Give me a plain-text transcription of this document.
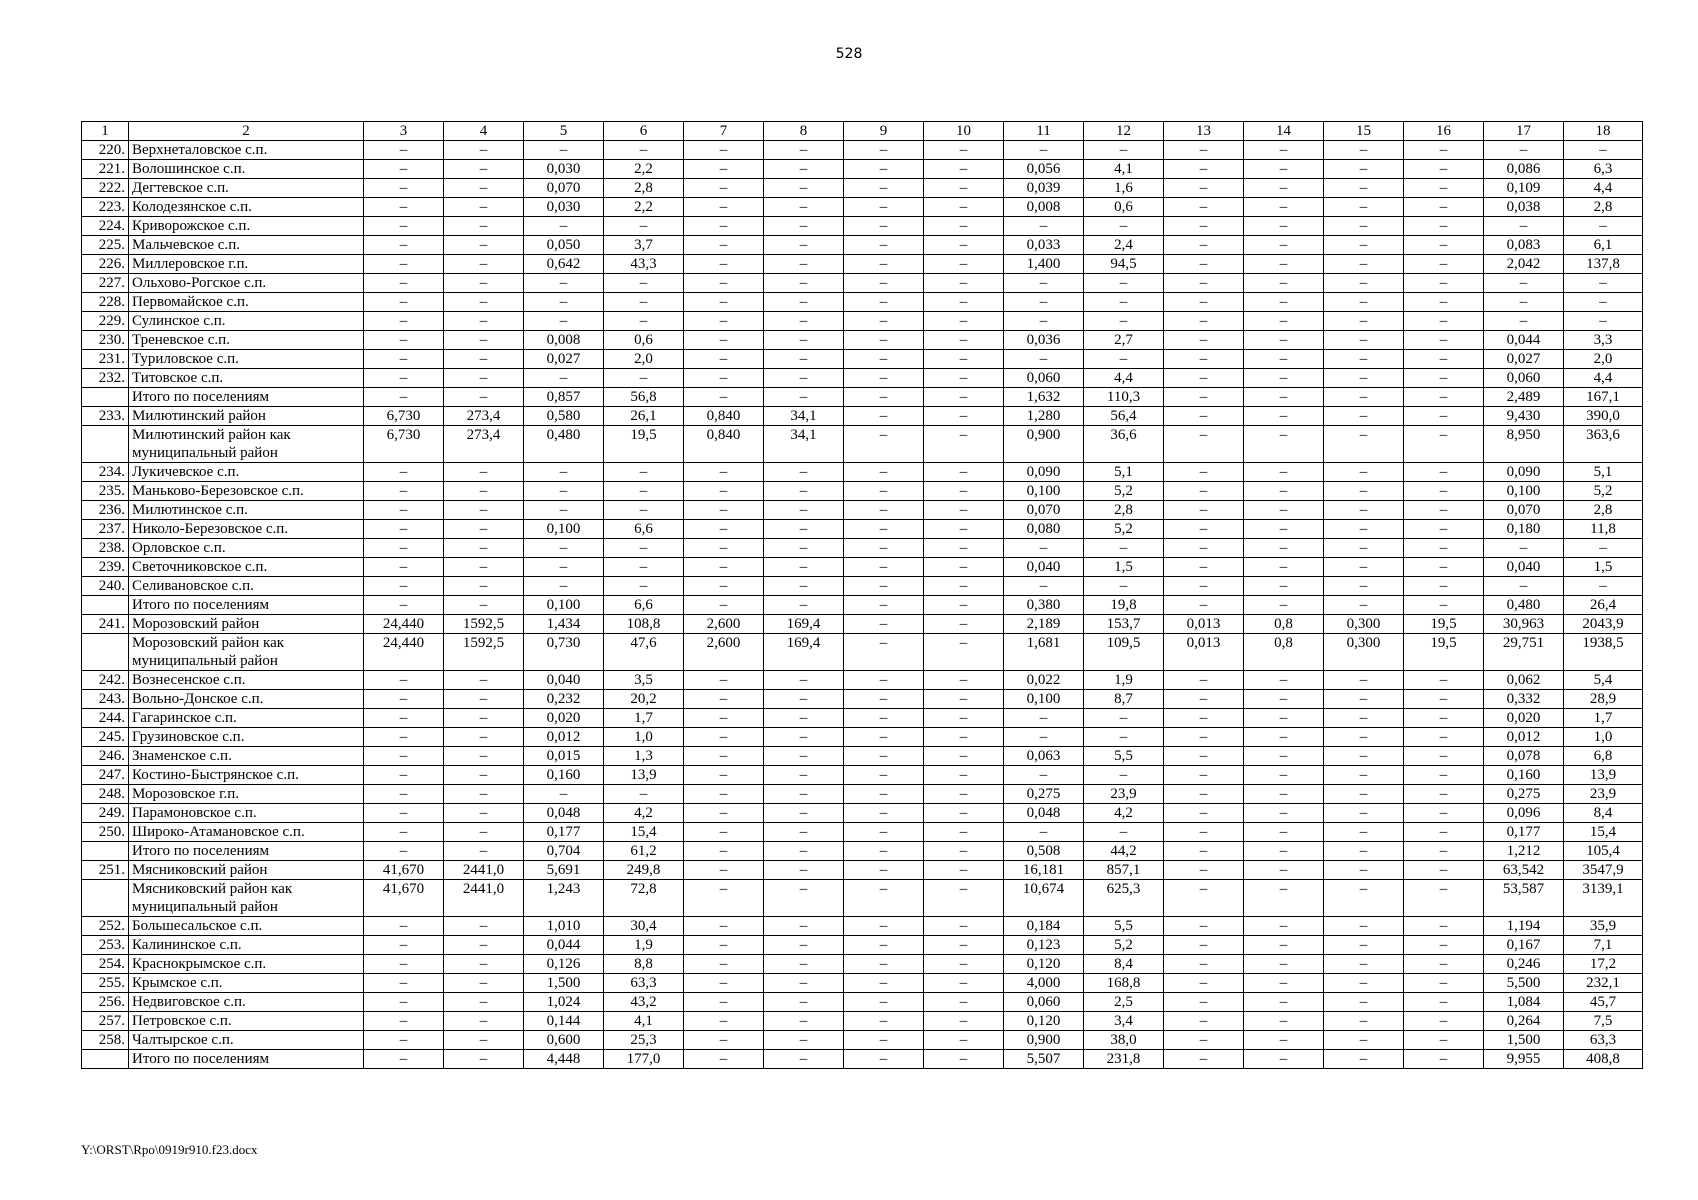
528
1	2	3	4	5	6	7	8	9	10	11	12	13	14	15	16	17	18
220.	Верхнеталовское с.п.	–	–	–	–	–	–	–	–	–	–	–	–	–	–	–	–
221.	Волошинское с.п.	–	–	0,030	2,2	–	–	–	–	0,056	4,1	–	–	–	–	0,086	6,3
222.	Дегтевское с.п.	–	–	0,070	2,8	–	–	–	–	0,039	1,6	–	–	–	–	0,109	4,4
223.	Колодезянское с.п.	–	–	0,030	2,2	–	–	–	–	0,008	0,6	–	–	–	–	0,038	2,8
224.	Криворожское с.п.	–	–	–	–	–	–	–	–	–	–	–	–	–	–	–	–
225.	Мальчевское с.п.	–	–	0,050	3,7	–	–	–	–	0,033	2,4	–	–	–	–	0,083	6,1
226.	Миллеровское г.п.	–	–	0,642	43,3	–	–	–	–	1,400	94,5	–	–	–	–	2,042	137,8
227.	Ольхово-Рогское с.п.	–	–	–	–	–	–	–	–	–	–	–	–	–	–	–	–
228.	Первомайское с.п.	–	–	–	–	–	–	–	–	–	–	–	–	–	–	–	–
229.	Сулинское с.п.	–	–	–	–	–	–	–	–	–	–	–	–	–	–	–	–
230.	Треневское с.п.	–	–	0,008	0,6	–	–	–	–	0,036	2,7	–	–	–	–	0,044	3,3
231.	Туриловское с.п.	–	–	0,027	2,0	–	–	–	–	–	–	–	–	–	–	0,027	2,0
232.	Титовское с.п.	–	–	–	–	–	–	–	–	0,060	4,4	–	–	–	–	0,060	4,4
	Итого по поселениям	–	–	0,857	56,8	–	–	–	–	1,632	110,3	–	–	–	–	2,489	167,1
233.	Милютинский район	6,730	273,4	0,580	26,1	0,840	34,1	–	–	1,280	56,4	–	–	–	–	9,430	390,0
	Милютинский район как муниципальный район	6,730	273,4	0,480	19,5	0,840	34,1	–	–	0,900	36,6	–	–	–	–	8,950	363,6
234.	Лукичевское с.п.	–	–	–	–	–	–	–	–	0,090	5,1	–	–	–	–	0,090	5,1
235.	Маньково-Березовское с.п.	–	–	–	–	–	–	–	–	0,100	5,2	–	–	–	–	0,100	5,2
236.	Милютинское с.п.	–	–	–	–	–	–	–	–	0,070	2,8	–	–	–	–	0,070	2,8
237.	Николо-Березовское с.п.	–	–	0,100	6,6	–	–	–	–	0,080	5,2	–	–	–	–	0,180	11,8
238.	Орловское с.п.	–	–	–	–	–	–	–	–	–	–	–	–	–	–	–	–
239.	Светочниковское с.п.	–	–	–	–	–	–	–	–	0,040	1,5	–	–	–	–	0,040	1,5
240.	Селивановское с.п.	–	–	–	–	–	–	–	–	–	–	–	–	–	–	–	–
	Итого по поселениям	–	–	0,100	6,6	–	–	–	–	0,380	19,8	–	–	–	–	0,480	26,4
241.	Морозовский район	24,440	1592,5	1,434	108,8	2,600	169,4	–	–	2,189	153,7	0,013	0,8	0,300	19,5	30,963	2043,9
	Морозовский район как муниципальный район	24,440	1592,5	0,730	47,6	2,600	169,4	–	–	1,681	109,5	0,013	0,8	0,300	19,5	29,751	1938,5
242.	Вознесенское с.п.	–	–	0,040	3,5	–	–	–	–	0,022	1,9	–	–	–	–	0,062	5,4
243.	Вольно-Донское с.п.	–	–	0,232	20,2	–	–	–	–	0,100	8,7	–	–	–	–	0,332	28,9
244.	Гагаринское с.п.	–	–	0,020	1,7	–	–	–	–	–	–	–	–	–	–	0,020	1,7
245.	Грузиновское с.п.	–	–	0,012	1,0	–	–	–	–	–	–	–	–	–	–	0,012	1,0
246.	Знаменское с.п.	–	–	0,015	1,3	–	–	–	–	0,063	5,5	–	–	–	–	0,078	6,8
247.	Костино-Быстрянское с.п.	–	–	0,160	13,9	–	–	–	–	–	–	–	–	–	–	0,160	13,9
248.	Морозовское г.п.	–	–	–	–	–	–	–	–	0,275	23,9	–	–	–	–	0,275	23,9
249.	Парамоновское с.п.	–	–	0,048	4,2	–	–	–	–	0,048	4,2	–	–	–	–	0,096	8,4
250.	Широко-Атамановское с.п.	–	–	0,177	15,4	–	–	–	–	–	–	–	–	–	–	0,177	15,4
	Итого по поселениям	–	–	0,704	61,2	–	–	–	–	0,508	44,2	–	–	–	–	1,212	105,4
251.	Мясниковский район	41,670	2441,0	5,691	249,8	–	–	–	–	16,181	857,1	–	–	–	–	63,542	3547,9
	Мясниковский район как муниципальный район	41,670	2441,0	1,243	72,8	–	–	–	–	10,674	625,3	–	–	–	–	53,587	3139,1
252.	Большесальское с.п.	–	–	1,010	30,4	–	–	–	–	0,184	5,5	–	–	–	–	1,194	35,9
253.	Калининское с.п.	–	–	0,044	1,9	–	–	–	–	0,123	5,2	–	–	–	–	0,167	7,1
254.	Краснокрымское с.п.	–	–	0,126	8,8	–	–	–	–	0,120	8,4	–	–	–	–	0,246	17,2
255.	Крымское с.п.	–	–	1,500	63,3	–	–	–	–	4,000	168,8	–	–	–	–	5,500	232,1
256.	Недвиговское с.п.	–	–	1,024	43,2	–	–	–	–	0,060	2,5	–	–	–	–	1,084	45,7
257.	Петровское с.п.	–	–	0,144	4,1	–	–	–	–	0,120	3,4	–	–	–	–	0,264	7,5
258.	Чалтырское с.п.	–	–	0,600	25,3	–	–	–	–	0,900	38,0	–	–	–	–	1,500	63,3
	Итого по поселениям	–	–	4,448	177,0	–	–	–	–	5,507	231,8	–	–	–	–	9,955	408,8
Y:\ORST\Rpo\0919r910.f23.docx
